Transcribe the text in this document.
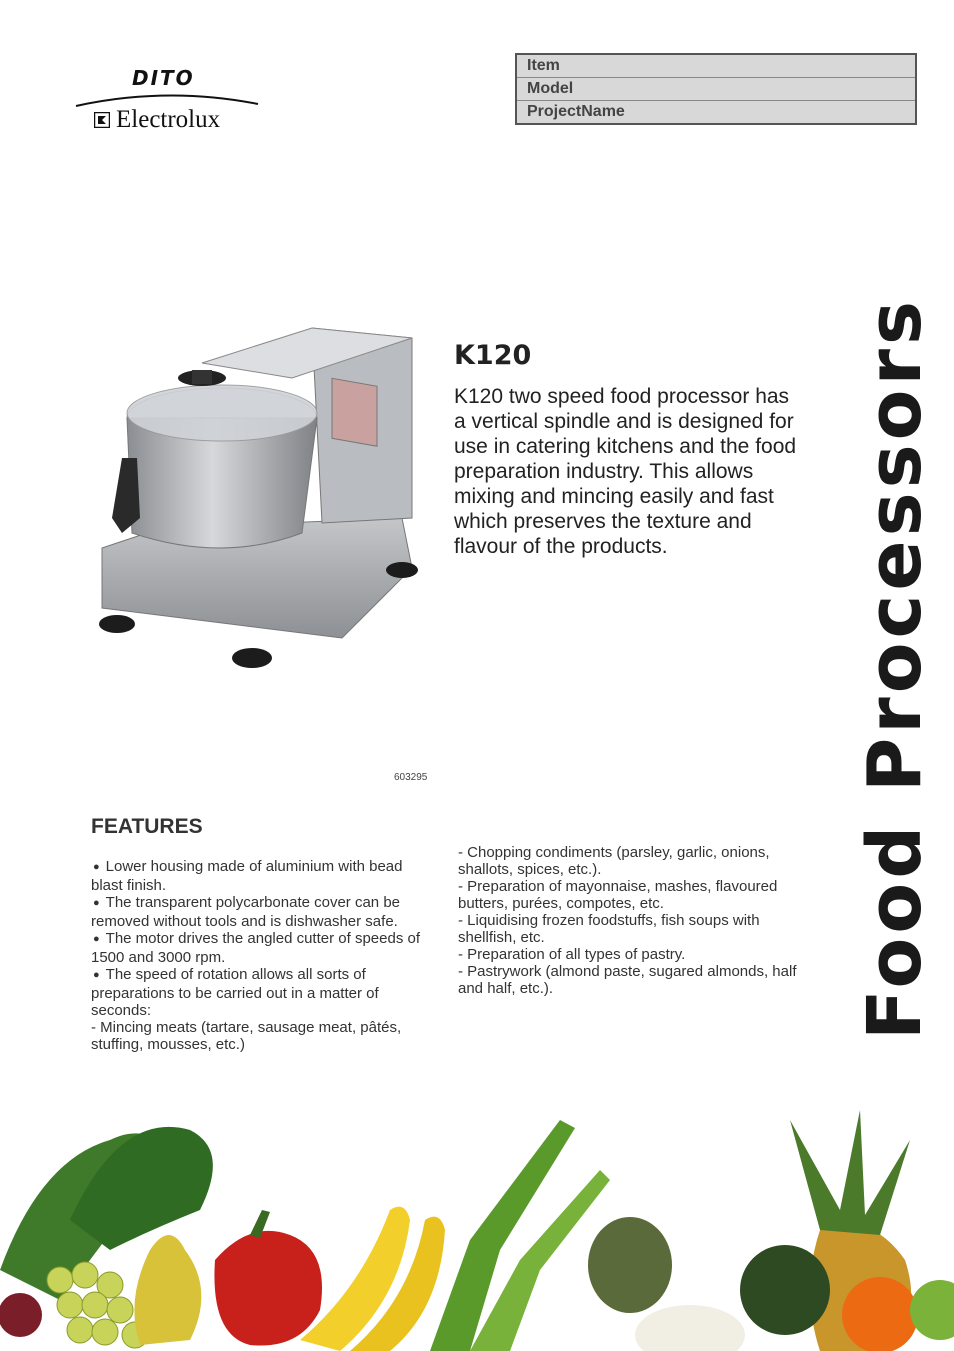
DITO
Electrolux
Item
Model
ProjectName
603295
K120
K120 two speed food processor has a vertical spindle and is designed for use in catering kitchens and the food preparation industry. This allows mixing and mincing easily and fast which preserves the texture and flavour of the products.	Food Processors
FEATURES

● Lower housing made of aluminium with bead blast finish.

● The transparent polycarbonate cover can be removed without tools and is dishwasher safe.

● The motor drives the angled cutter of speeds of 1500 and 3000 rpm.

● The speed of rotation allows all sorts of preparations to be carried out in a matter of seconds:

- Mincing meats (tartare, sausage meat, pâtés, stuffing, mousses, etc.)

- Chopping condiments (parsley, garlic, onions, shallots, spices, etc.).

- Preparation of mayonnaise, mashes, flavoured butters, purées, compotes, etc.

- Liquidising frozen foodstuffs, fish soups with shellfish, etc.

- Preparation of all types of pastry.

- Pastrywork (almond paste, sugared almonds, half and half, etc.).
